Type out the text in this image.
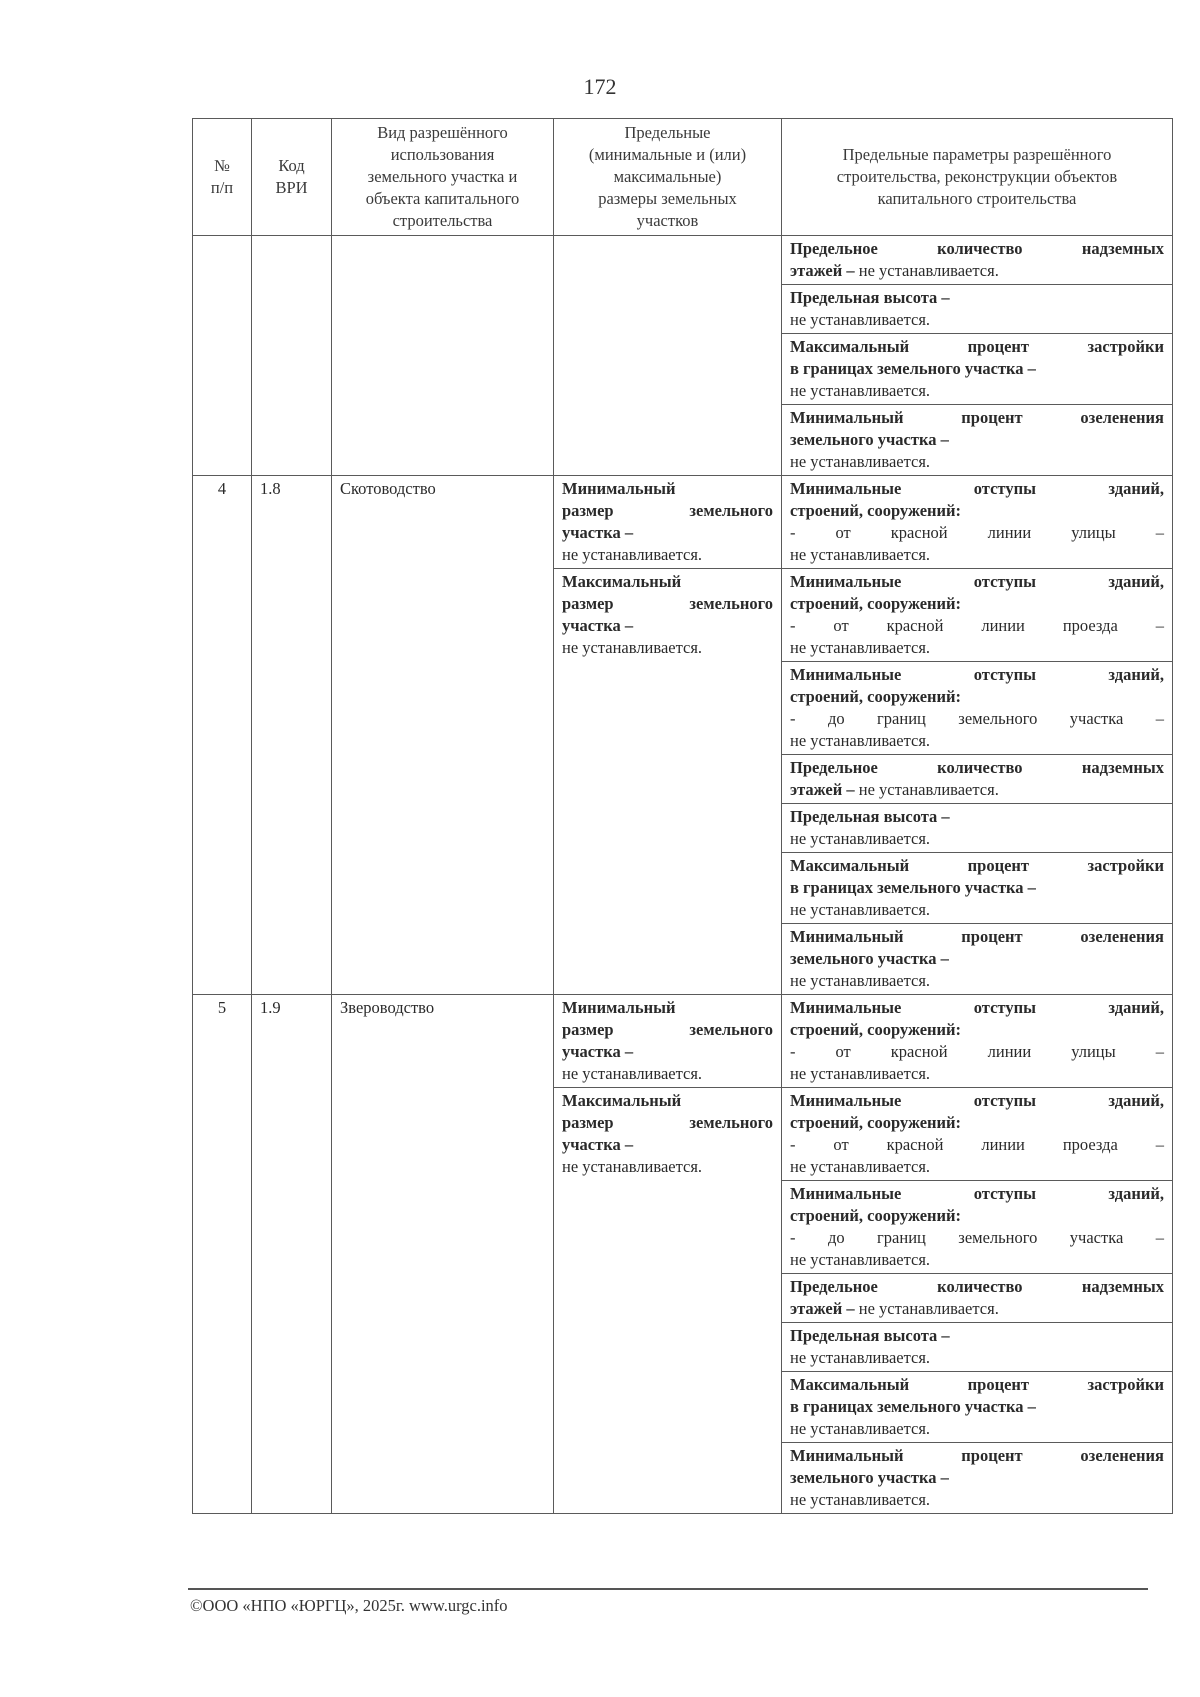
172
№
п/п	Код
ВРИ	Вид разрешённого
использования
земельного участка и
объекта капитального
строительства	Предельные
(минимальные и (или)
максимальные)
размеры земельных
участков	Предельные параметры разрешённого
строительства, реконструкции объектов
капитального строительства

				Предельное количество надземных
этажей – не устанавливается.

				Предельная высота –
не устанавливается.

				Максимальный процент застройки
в границах земельного участка –
не устанавливается.

				Минимальный процент озеленения
земельного участка –
не устанавливается.

4	1.8	Скотоводство	Минимальный
размер земельного
участка –
не устанавливается.	Минимальные отступы зданий,
строений, сооружений:
- от красной линии улицы –
не устанавливается.

			Максимальный
размер земельного
участка –
не устанавливается.	Минимальные отступы зданий,
строений, сооружений:
- от красной линии проезда –
не устанавливается.

				Минимальные отступы зданий,
строений, сооружений:
- до границ земельного участка –
не устанавливается.

				Предельное количество надземных
этажей – не устанавливается.

				Предельная высота –
не устанавливается.

				Максимальный процент застройки
в границах земельного участка –
не устанавливается.

				Минимальный процент озеленения
земельного участка –
не устанавливается.

5	1.9	Звероводство	Минимальный
размер земельного
участка –
не устанавливается.	Минимальные отступы зданий,
строений, сооружений:
- от красной линии улицы –
не устанавливается.

			Максимальный
размер земельного
участка –
не устанавливается.	Минимальные отступы зданий,
строений, сооружений:
- от красной линии проезда –
не устанавливается.

				Минимальные отступы зданий,
строений, сооружений:
- до границ земельного участка –
не устанавливается.

				Предельное количество надземных
этажей – не устанавливается.

				Предельная высота –
не устанавливается.

				Максимальный процент застройки
в границах земельного участка –
не устанавливается.

				Минимальный процент озеленения
земельного участка –
не устанавливается.
©ООО «НПО «ЮРГЦ», 2025г. www.urgc.info
